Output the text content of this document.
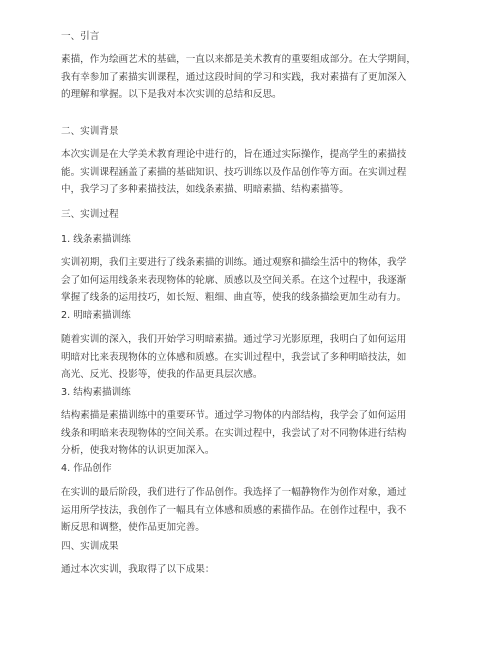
一、引言
素描，作为绘画艺术的基础，一直以来都是美术教育的重要组成部分。在大学期间，
我有幸参加了素描实训课程，通过这段时间的学习和实践，我对素描有了更加深入
的理解和掌握。以下是我对本次实训的总结和反思。
二、实训背景
本次实训是在大学美术教育理论中进行的，旨在通过实际操作，提高学生的素描技
能。实训课程涵盖了素描的基础知识、技巧训练以及作品创作等方面。在实训过程
中，我学习了多种素描技法，如线条素描、明暗素描、结构素描等。
三、实训过程
1. 线条素描训练
实训初期，我们主要进行了线条素描的训练。通过观察和描绘生活中的物体，我学
会了如何运用线条来表现物体的轮廓、质感以及空间关系。在这个过程中，我逐渐
掌握了线条的运用技巧，如长短、粗细、曲直等，使我的线条描绘更加生动有力。
2. 明暗素描训练
随着实训的深入，我们开始学习明暗素描。通过学习光影原理，我明白了如何运用
明暗对比来表现物体的立体感和质感。在实训过程中，我尝试了多种明暗技法，如
高光、反光、投影等，使我的作品更具层次感。
3. 结构素描训练
结构素描是素描训练中的重要环节。通过学习物体的内部结构，我学会了如何运用
线条和明暗来表现物体的空间关系。在实训过程中，我尝试了对不同物体进行结构
分析，使我对物体的认识更加深入。
4. 作品创作
在实训的最后阶段，我们进行了作品创作。我选择了一幅静物作为创作对象，通过
运用所学技法，我创作了一幅具有立体感和质感的素描作品。在创作过程中，我不
断反思和调整，使作品更加完善。
四、实训成果
通过本次实训，我取得了以下成果：
